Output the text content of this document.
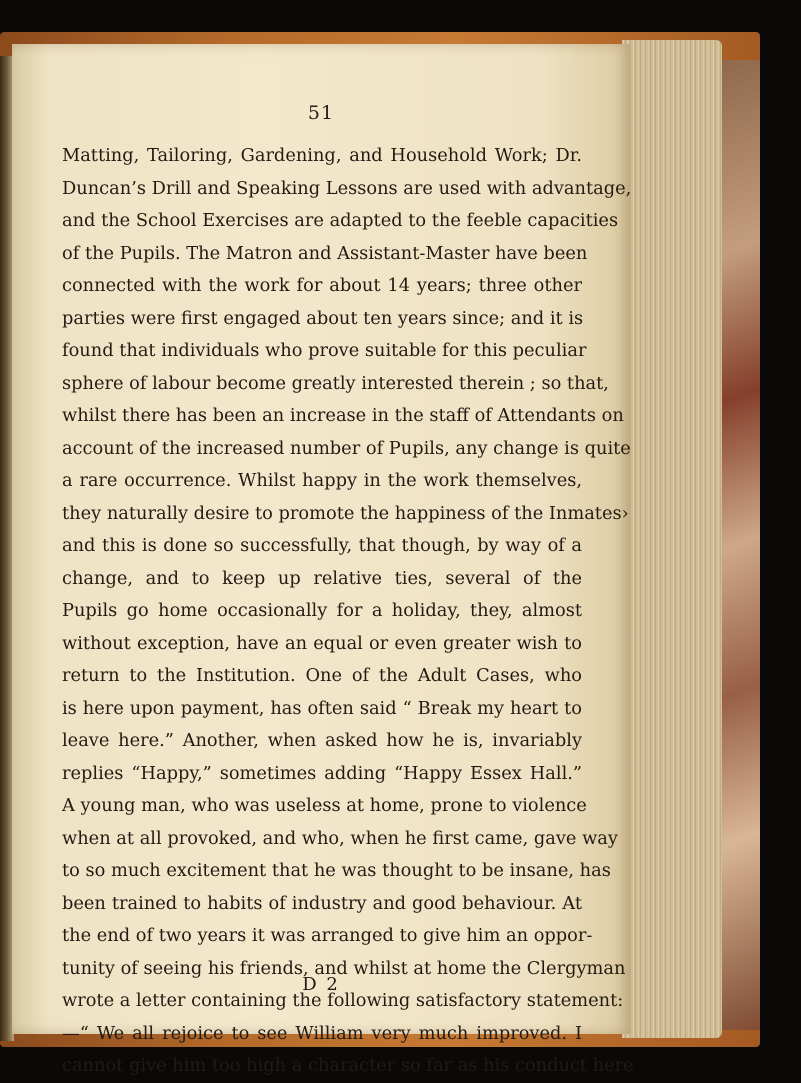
51
Matting, Tailoring, Gardening, and Household Work; Dr.
Duncan’s Drill and Speaking Lessons are used with advantage,
and the School Exercises are adapted to the feeble capacities
of the Pupils. The Matron and Assistant-Master have been
connected with the work for about 14 years; three other
parties were first engaged about ten years since; and it is
found that individuals who prove suitable for this peculiar
sphere of labour become greatly interested therein ; so that,
whilst there has been an increase in the staff of Attendants on
account of the increased number of Pupils, any change is quite
a rare occurrence. Whilst happy in the work themselves,
they naturally desire to promote the happiness of the Inmates›
and this is done so successfully, that though, by way of a
change, and to keep up relative ties, several of the
Pupils go home occasionally for a holiday, they, almost
without exception, have an equal or even greater wish to
return to the Institution. One of the Adult Cases, who
is here upon payment, has often said “ Break my heart to
leave here.” Another, when asked how he is, invariably
replies “Happy,” sometimes adding “Happy Essex Hall.”
A young man, who was useless at home, prone to violence
when at all provoked, and who, when he first came, gave way
to so much excitement that he was thought to be insane, has
been trained to habits of industry and good behaviour. At
the end of two years it was arranged to give him an oppor-
tunity of seeing his friends, and whilst at home the Clergyman
wrote a letter containing the following satisfactory statement:
—“ We all rejoice to see William very much improved. I
cannot give him too high a character so far as his conduct here
D 2
